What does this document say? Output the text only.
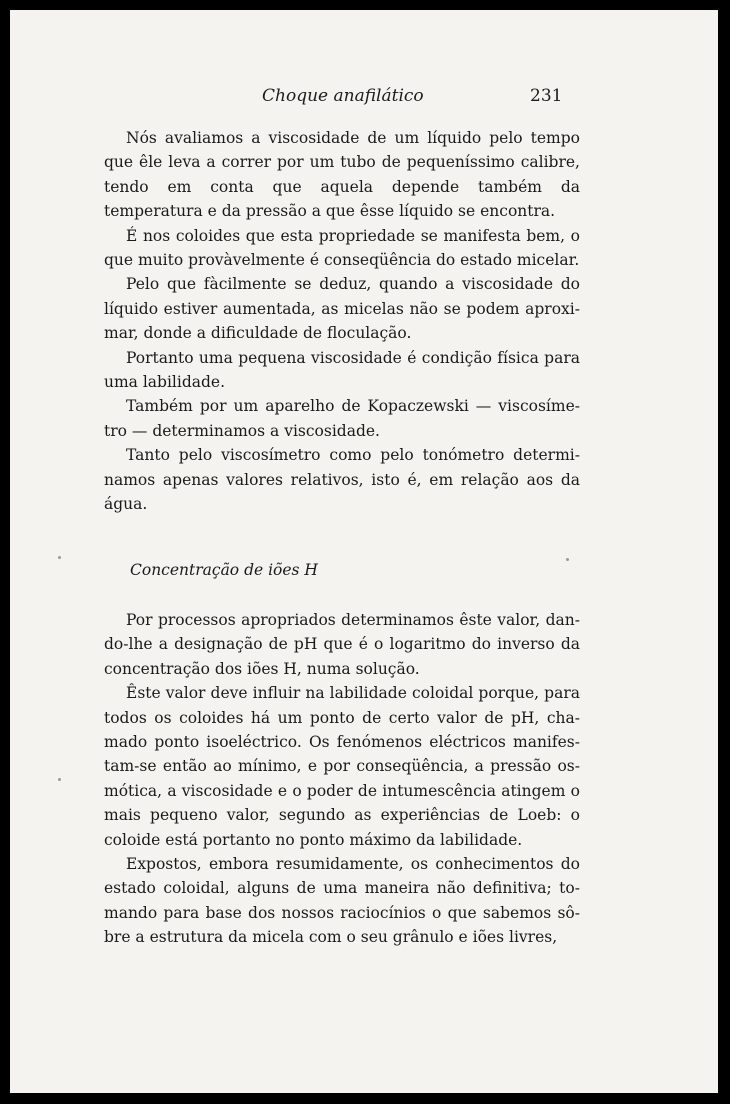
Choque anafilático	231

Nós avaliamos a viscosidade de um líquido pelo tempo que êle leva a correr por um tubo de pequeníssimo calibre, tendo em conta que aquela depende também da temperatura e da pressão a que êsse líquido se encontra.

É nos coloides que esta propriedade se manifesta bem, o que muito provàvelmente é conseqüência do estado micelar.

Pelo que fàcilmente se deduz, quando a viscosidade do líquido estiver aumentada, as micelas não se podem aproximar, donde a dificuldade de floculação.

Portanto uma pequena viscosidade é condição física para uma labilidade.

Também por um aparelho de Kopaczewski — viscosímetro — determinamos a viscosidade.

Tanto pelo viscosímetro como pelo tonómetro determinamos apenas valores relativos, isto é, em relação aos da água.

Concentração de iões H

Por processos apropriados determinamos êste valor, dando-lhe a designação de pH que é o logaritmo do inverso da concentração dos iões H, numa solução.

Êste valor deve influir na labilidade coloidal porque, para todos os coloides há um ponto de certo valor de pH, chamado ponto isoeléctrico. Os fenómenos eléctricos manifestam-se então ao mínimo, e por conseqüência, a pressão osmótica, a viscosidade e o poder de intumescência atingem o mais pequeno valor, segundo as experiências de Loeb: o coloide está portanto no ponto máximo da labilidade.

Expostos, embora resumidamente, os conhecimentos do estado coloidal, alguns de uma maneira não definitiva; tomando para base dos nossos raciocínios o que sabemos sôbre a estrutura da micela com o seu grânulo e iões livres,
